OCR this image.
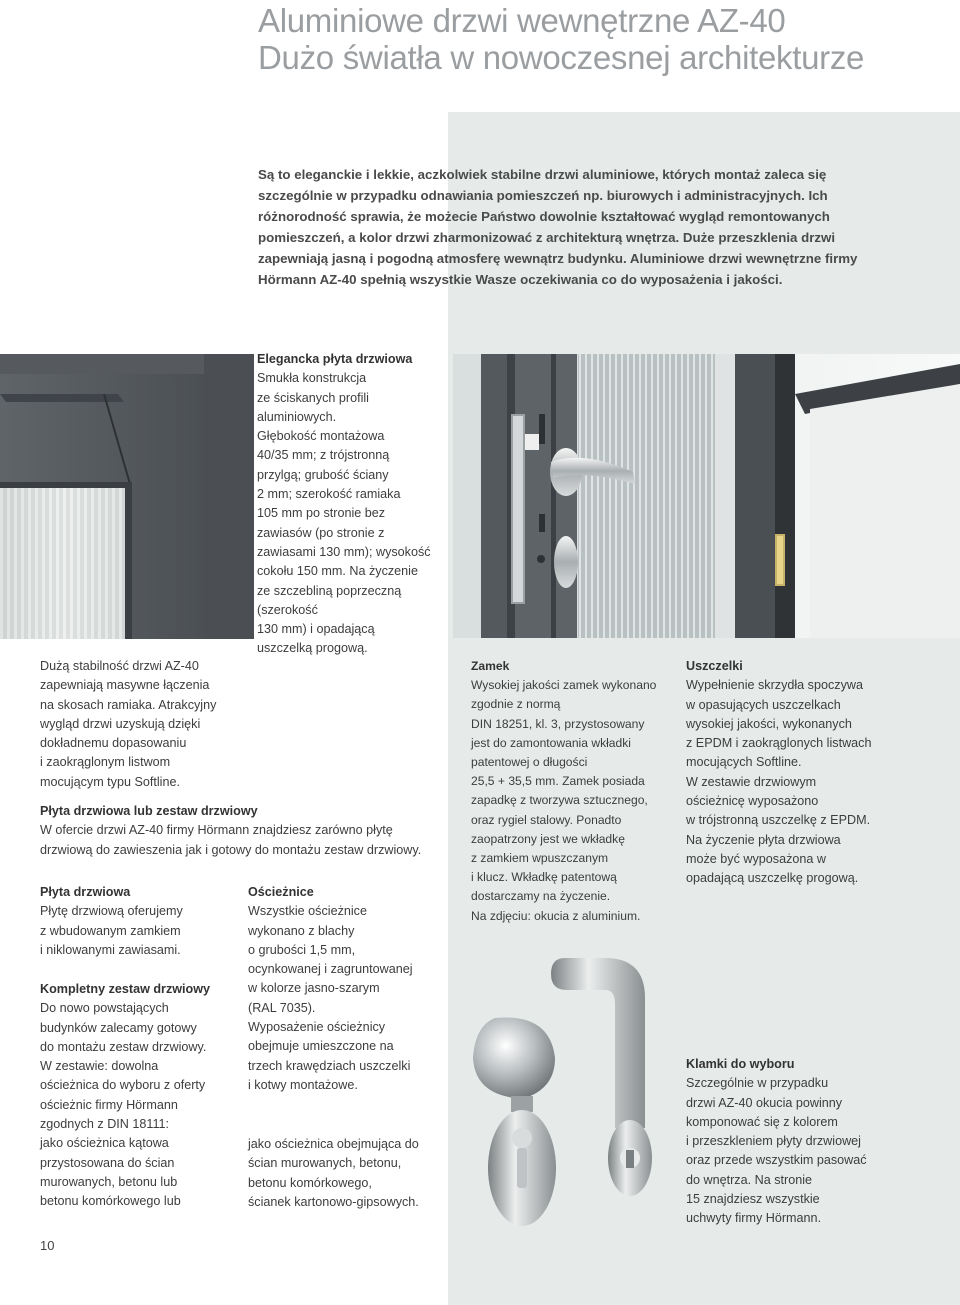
Aluminiowe drzwi wewnętrzne AZ-40
Dużo światła w nowoczesnej architekturze

Są to eleganckie i lekkie, aczkolwiek stabilne drzwi aluminiowe, których montaż zaleca się szczególnie w przypadku odnawiania pomieszczeń np. biurowych i administracyjnych. Ich różnorodność sprawia, że możecie Państwo dowolnie kształtować wygląd remontowanych pomieszczeń, a kolor drzwi zharmonizować z architekturą wnętrza. Duże przeszklenia drzwi zapewniają jasną i pogodną atmosferę wewnątrz budynku. Aluminiowe drzwi wewnętrzne firmy Hörmann AZ-40 spełnią wszystkie Wasze oczekiwania co do wyposażenia i jakości.

Elegancka płyta drzwiowa

Smukła konstrukcja

ze ściskanych profili

aluminiowych.

Głębokość montażowa

40/35 mm; z trójstronną

przylgą; grubość ściany

2 mm; szerokość ramiaka

105 mm po stronie bez

zawiasów (po stronie z

zawiasami 130 mm); wysokość

cokołu 150 mm. Na życzenie

ze szczebliną poprzeczną

(szerokość

130 mm) i opadającą

uszczelką progową.

Dużą stabilność drzwi AZ-40

zapewniają masywne łączenia

na skosach ramiaka. Atrakcyjny

wygląd drzwi uzyskują dzięki

dokładnemu dopasowaniu

i zaokrąglonym listwom

mocującym typu Softline.

Zamek

Wysokiej jakości zamek wykonano

zgodnie z normą

DIN 18251, kl. 3, przystosowany

jest do zamontowania wkładki

patentowej o długości

25,5 + 35,5 mm. Zamek posiada

zapadkę z tworzywa sztucznego,

oraz rygiel stalowy. Ponadto

zaopatrzony jest we wkładkę

z zamkiem wpuszczanym

i klucz. Wkładkę patentową

dostarczamy na życzenie.

Na zdjęciu: okucia z aluminium.

Uszczelki

Wypełnienie skrzydła spoczywa

w opasujących uszczelkach

wysokiej jakości, wykonanych

z EPDM i zaokrąglonych listwach

mocujących Softline.

W zestawie drzwiowym

ościeżnicę wyposażono

w trójstronną uszczelkę z EPDM.

Na życzenie płyta drzwiowa

może być wyposażona w

opadającą uszczelkę progową.

Płyta drzwiowa lub zestaw drzwiowy

W ofercie drzwi AZ-40 firmy Hörmann znajdziesz zarówno płytę

drzwiową do zawieszenia jak i gotowy do montażu zestaw drzwiowy.

Płyta drzwiowa

Płytę drzwiową oferujemy

z wbudowanym zamkiem

i niklowanymi zawiasami.

Kompletny zestaw drzwiowy

Do nowo powstających

budynków zalecamy gotowy

do montażu zestaw drzwiowy.

W zestawie: dowolna

ościeżnica do wyboru z oferty

ościeżnic firmy Hörmann

zgodnych z DIN 18111:

jako ościeżnica kątowa

przystosowana do ścian

murowanych, betonu lub

betonu komórkowego lub

Ościeżnice

Wszystkie ościeżnice

wykonano z blachy

o grubości 1,5 mm,

ocynkowanej i zagruntowanej

w kolorze jasno-szarym

(RAL 7035).

Wyposażenie ościeżnicy

obejmuje umieszczone na

trzech krawędziach uszczelki

i kotwy montażowe.

jako ościeżnica obejmująca do

ścian murowanych, betonu,

betonu komórkowego,

ścianek kartonowo-gipsowych.

Klamki do wyboru

Szczególnie w przypadku

drzwi AZ-40 okucia powinny

komponować się z kolorem

i przeszkleniem płyty drzwiowej

oraz przede wszystkim pasować

do wnętrza. Na stronie

15 znajdziesz wszystkie

uchwyty firmy Hörmann.

10
